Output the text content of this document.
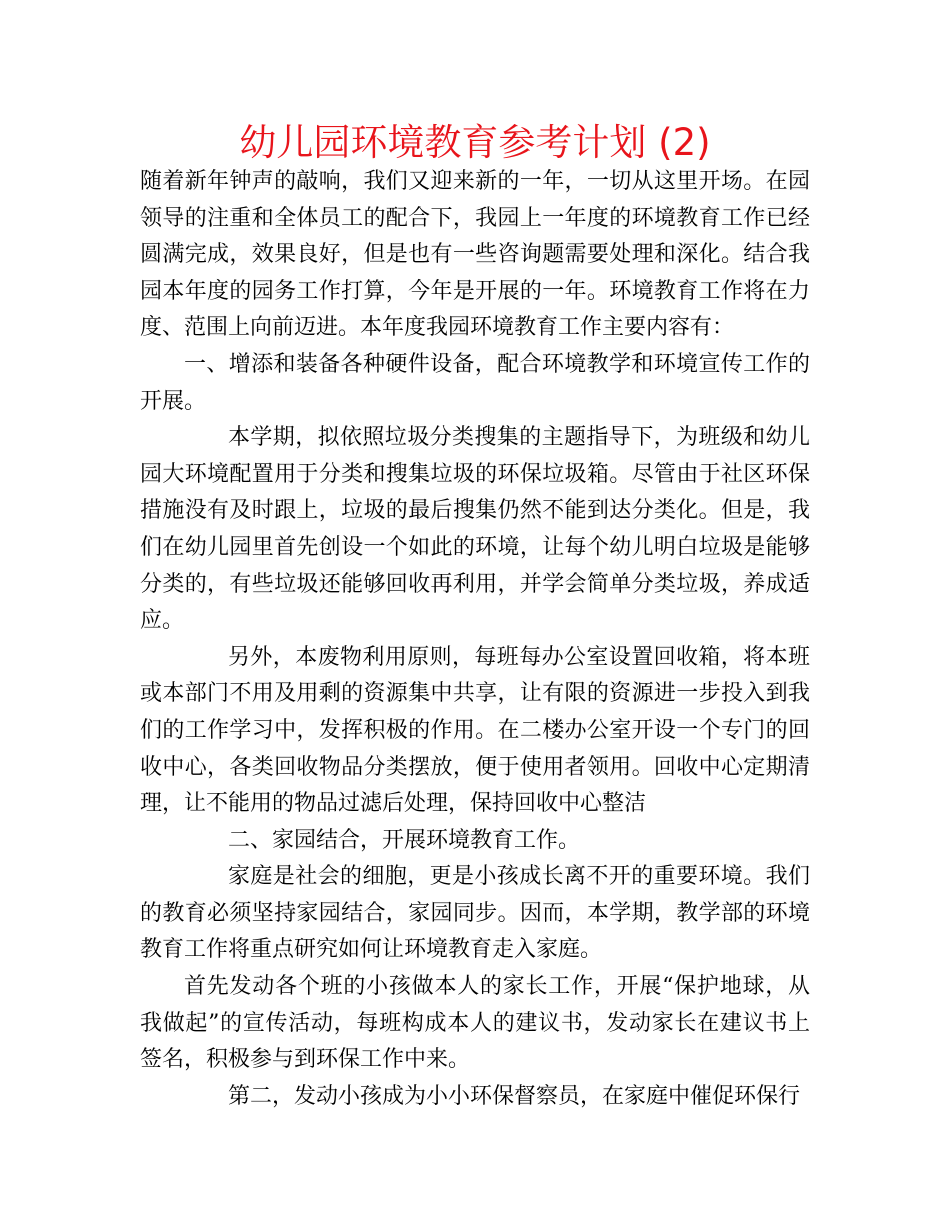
幼儿园环境教育参考计划 (2)

随着新年钟声的敲响，我们又迎来新的一年，一切从这里开场。在园领导的注重和全体员工的配合下，我园上一年度的环境教育工作已经圆满完成，效果良好，但是也有一些咨询题需要处理和深化。结合我园本年度的园务工作打算，今年是开展的一年。环境教育工作将在力度、范围上向前迈进。本年度我园环境教育工作主要内容有：

一、增添和装备各种硬件设备，配合环境教学和环境宣传工作的开展。

本学期，拟依照垃圾分类搜集的主题指导下，为班级和幼儿园大环境配置用于分类和搜集垃圾的环保垃圾箱。尽管由于社区环保措施没有及时跟上，垃圾的最后搜集仍然不能到达分类化。但是，我们在幼儿园里首先创设一个如此的环境，让每个幼儿明白垃圾是能够分类的，有些垃圾还能够回收再利用，并学会简单分类垃圾，养成适应。

另外，本废物利用原则，每班每办公室设置回收箱，将本班或本部门不用及用剩的资源集中共享，让有限的资源进一步投入到我们的工作学习中，发挥积极的作用。在二楼办公室开设一个专门的回收中心，各类回收物品分类摆放，便于使用者领用。回收中心定期清理，让不能用的物品过滤后处理，保持回收中心整洁

二、家园结合，开展环境教育工作。

家庭是社会的细胞，更是小孩成长离不开的重要环境。我们的教育必须坚持家园结合，家园同步。因而，本学期，教学部的环境教育工作将重点研究如何让环境教育走入家庭。

首先发动各个班的小孩做本人的家长工作，开展“保护地球，从我做起”的宣传活动，每班构成本人的建议书，发动家长在建议书上签名，积极参与到环保工作中来。

第二，发动小孩成为小小环保督察员，在家庭中催促环保行
